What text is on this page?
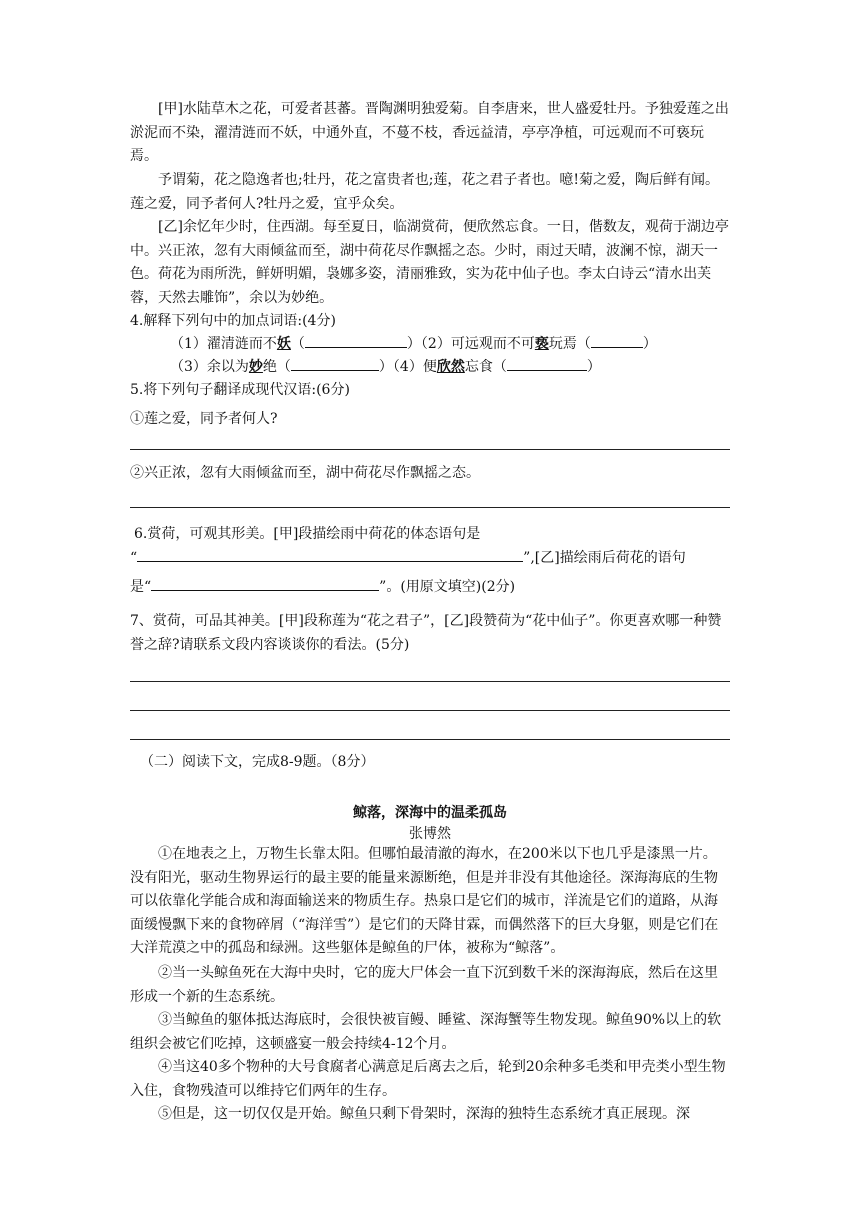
[甲]水陆草木之花，可爱者甚蕃。晋陶渊明独爱菊。自李唐来，世人盛爱牡丹。予独爱莲之出淤泥而不染，濯清涟而不妖，中通外直，不蔓不枝，香远益清，亭亭净植，可远观而不可亵玩焉。

予谓菊，花之隐逸者也;牡丹，花之富贵者也;莲，花之君子者也。噫!菊之爱，陶后鲜有闻。莲之爱，同予者何人?牡丹之爱，宜乎众矣。

[乙]余忆年少时，住西湖。每至夏日，临湖赏荷，便欣然忘食。一日，偕数友，观荷于湖边亭中。兴正浓，忽有大雨倾盆而至，湖中荷花尽作飘摇之态。少时，雨过天晴，波澜不惊，湖天一色。荷花为雨所洗，鲜妍明媚，袅娜多姿，清丽雅致，实为花中仙子也。李太白诗云“清水出芙蓉，天然去雕饰”，余以为妙绝。

4.解释下列句中的加点词语:(4分)

（1）濯清涟而不妖（	）（2）可远观而不可亵玩焉（	）

（3）余以为妙绝（	）（4）便欣然忘食（	）

5.将下列句子翻译成现代汉语:(6分)

①莲之爱，同予者何人?

②兴正浓，忽有大雨倾盆而至，湖中荷花尽作飘摇之态。

6.赏荷，可观其形美。[甲]段描绘雨中荷花的体态语句是

“	”,[乙]描绘雨后荷花的语句

是“	”。(用原文填空)(2分)

7、赏荷，可品其神美。[甲]段称莲为“花之君子”，[乙]段赞荷为“花中仙子”。你更喜欢哪一种赞誉之辞?请联系文段内容谈谈你的看法。(5分)

（二）阅读下文，完成8-9题。（8分）

鲸落，深海中的温柔孤岛
张博然

①在地表之上，万物生长靠太阳。但哪怕最清澈的海水，在200米以下也几乎是漆黑一片。没有阳光，驱动生物界运行的最主要的能量来源断绝，但是并非没有其他途径。深海海底的生物可以依靠化学能合成和海面输送来的物质生存。热泉口是它们的城市，洋流是它们的道路，从海面缓慢飘下来的食物碎屑（“海洋雪”）是它们的天降甘霖，而偶然落下的巨大身躯，则是它们在大洋荒漠之中的孤岛和绿洲。这些躯体是鲸鱼的尸体，被称为“鲸落”。

②当一头鲸鱼死在大海中央时，它的庞大尸体会一直下沉到数千米的深海海底，然后在这里形成一个新的生态系统。

③当鲸鱼的躯体抵达海底时，会很快被盲鳗、睡鲨、深海蟹等生物发现。鲸鱼90%以上的软组织会被它们吃掉，这顿盛宴一般会持续4-12个月。

④当这40多个物种的大号食腐者心满意足后离去之后，轮到20余种多毛类和甲壳类小型生物入住，食物残渣可以维持它们两年的生存。

⑤但是，这一切仅仅是开始。鲸鱼只剩下骨架时，深海的独特生态系统才真正展现。深
